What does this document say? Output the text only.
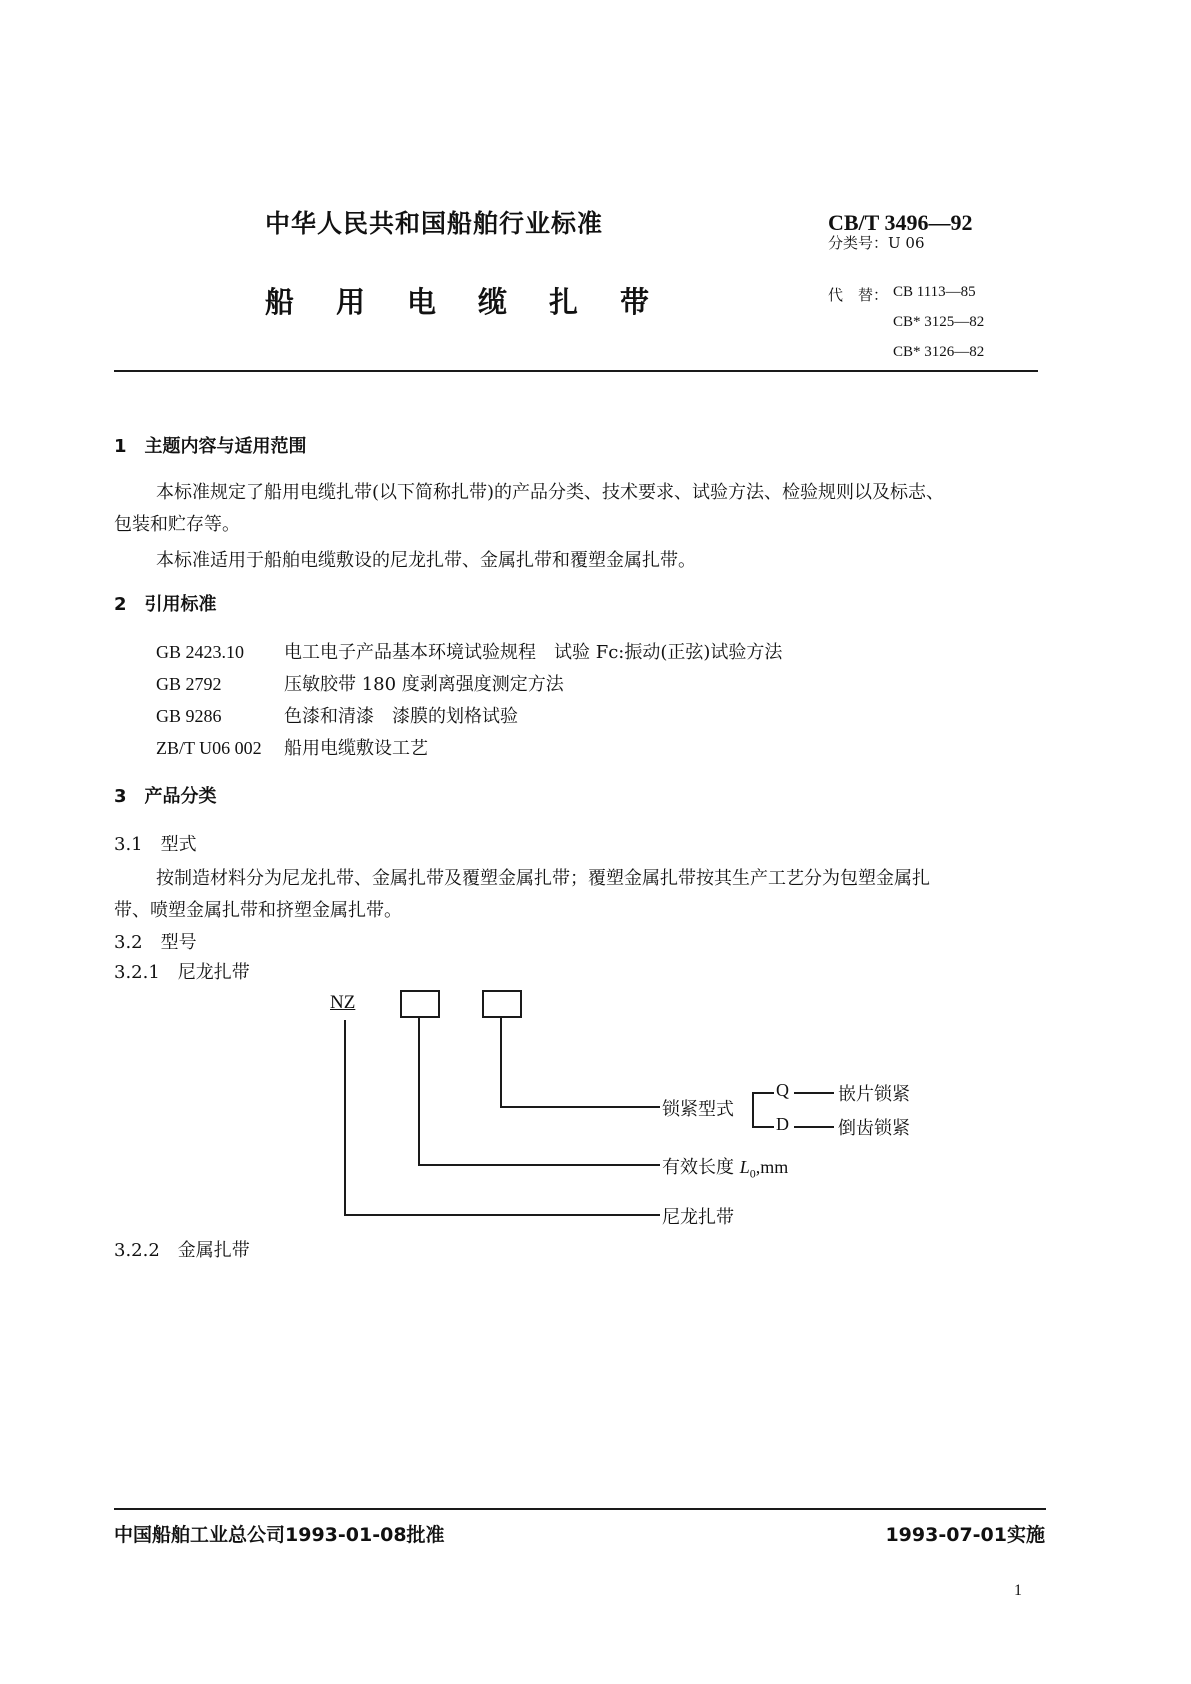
中华人民共和国船舶行业标准
船用电缆扎带
CB/T 3496—92
分类号：U 06
代　替： CB 1113—85
CB* 3125—82
CB* 3126—82
1　主题内容与适用范围
本标准规定了船用电缆扎带(以下简称扎带)的产品分类、技术要求、试验方法、检验规则以及标志、
包装和贮存等。
本标准适用于船舶电缆敷设的尼龙扎带、金属扎带和覆塑金属扎带。
2　引用标准
GB 2423.10 电工电子产品基本环境试验规程　试验 Fc:振动(正弦)试验方法
GB 2792	压敏胶带 180 度剥离强度测定方法
GB 9286	色漆和清漆　漆膜的划格试验
ZB/T U06 002 船用电缆敷设工艺
3　产品分类
3.1　型式
按制造材料分为尼龙扎带、金属扎带及覆塑金属扎带；覆塑金属扎带按其生产工艺分为包塑金属扎
带、喷塑金属扎带和挤塑金属扎带。
3.2　型号
3.2.1　尼龙扎带
NZ
锁紧型式
Q	嵌片锁紧
D	倒齿锁紧
有效长度 $L_0,mm$
尼龙扎带
3.2.2　金属扎带
中国船舶工业总公司1993-01-08批准	1993-07-01实施
1
